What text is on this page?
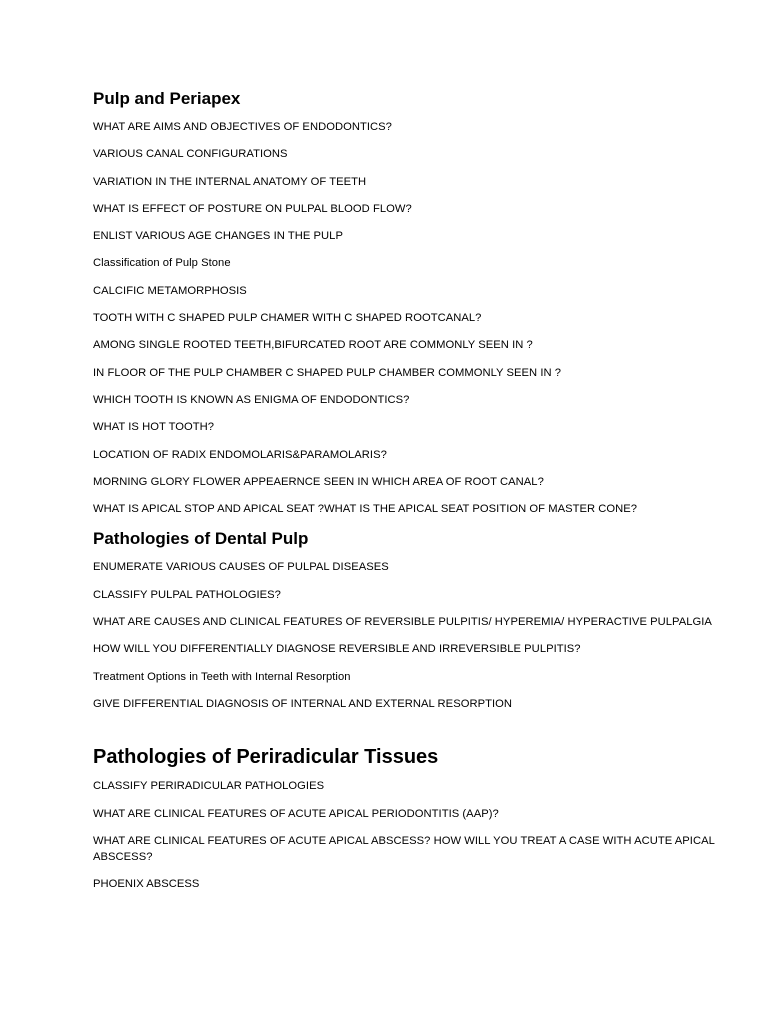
Pulp and Periapex

WHAT ARE AIMS AND OBJECTIVES OF ENDODONTICS?

VARIOUS CANAL CONFIGURATIONS

VARIATION IN THE INTERNAL ANATOMY OF TEETH

WHAT IS EFFECT OF POSTURE ON PULPAL BLOOD FLOW?

ENLIST VARIOUS AGE CHANGES IN THE PULP

Classification of Pulp Stone

CALCIFIC METAMORPHOSIS

TOOTH WITH C SHAPED PULP CHAMER WITH C SHAPED ROOTCANAL?

AMONG SINGLE ROOTED TEETH,BIFURCATED ROOT ARE COMMONLY SEEN IN ?

IN FLOOR OF THE PULP CHAMBER C SHAPED PULP CHAMBER COMMONLY SEEN IN ?

WHICH TOOTH IS KNOWN AS ENIGMA OF ENDODONTICS?

WHAT IS HOT TOOTH?

LOCATION OF RADIX ENDOMOLARIS&PARAMOLARIS?

MORNING GLORY FLOWER APPEAERNCE SEEN IN WHICH AREA OF ROOT CANAL?

WHAT IS APICAL STOP AND APICAL SEAT ?WHAT IS THE APICAL SEAT POSITION OF MASTER CONE?

Pathologies of Dental Pulp

ENUMERATE VARIOUS CAUSES OF PULPAL DISEASES

CLASSIFY PULPAL PATHOLOGIES?

WHAT ARE CAUSES AND CLINICAL FEATURES OF REVERSIBLE PULPITIS/ HYPEREMIA/ HYPERACTIVE PULPALGIA

HOW WILL YOU DIFFERENTIALLY DIAGNOSE REVERSIBLE AND IRREVERSIBLE PULPITIS?

Treatment Options in Teeth with Internal Resorption

GIVE DIFFERENTIAL DIAGNOSIS OF INTERNAL AND EXTERNAL RESORPTION

Pathologies of Periradicular Tissues

CLASSIFY PERIRADICULAR PATHOLOGIES

WHAT ARE CLINICAL FEATURES OF ACUTE APICAL PERIODONTITIS (AAP)?

WHAT ARE CLINICAL FEATURES OF ACUTE APICAL ABSCESS? HOW WILL YOU TREAT A CASE WITH ACUTE APICAL ABSCESS?

PHOENIX ABSCESS
